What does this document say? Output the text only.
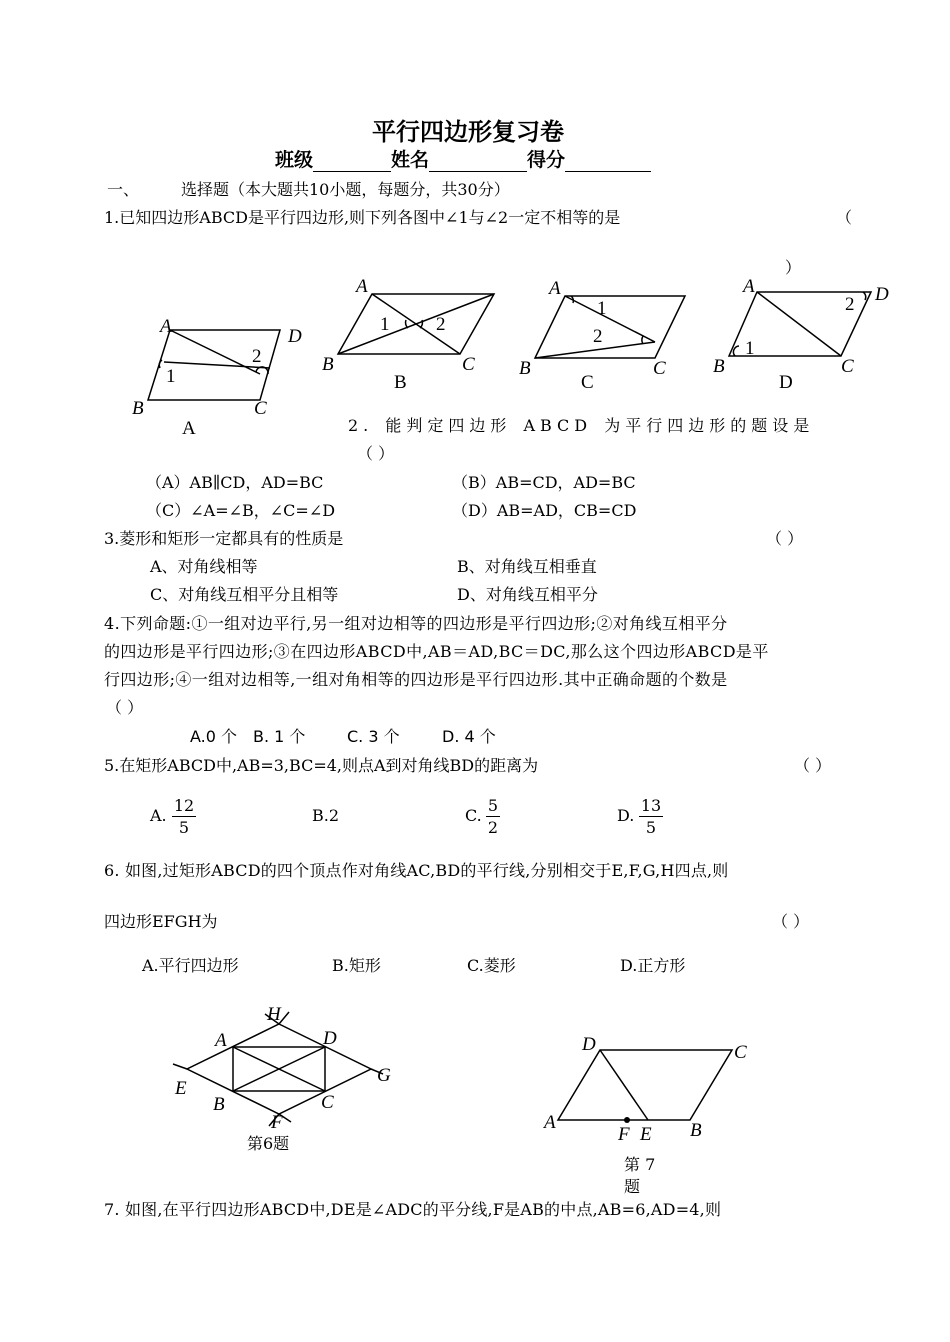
平行四边形复习卷
班级	姓名	得分
一、	选择题（本大题共10小题，每题分，共30分）
1.已知四边形ABCD是平行四边形,则下列各图中∠1与∠2一定不相等的是	（
）
A	D
B	C
1
2
A
A
B	C
1 2
B
A
B	C
1
2
C
A	D
B	C
1
2
D
2. 能判定四边形 ABCD 为平行四边形的题设是
（ ）
（A）AB∥CD，AD=BC	（B）AB=CD，AD=BC
（C）∠A=∠B，∠C=∠D	（D）AB=AD，CB=CD
3.菱形和矩形一定都具有的性质是	（ ）
A、对角线相等	B、对角线互相垂直
C、对角线互相平分且相等	D、对角线互相平分
4.下列命题:①一组对边平行,另一组对边相等的四边形是平行四边形;②对角线互相平分
的四边形是平行四边形;③在四边形ABCD中,AB＝AD,BC＝DC,那么这个四边形ABCD是平
行四边形;④一组对边相等,一组对角相等的四边形是平行四边形.其中正确命题的个数是
（ ）
A.0 个 B. 1 个	C. 3 个	D. 4 个
5.在矩形ABCD中,AB=3,BC=4,则点A到对角线BD的距离为	（ ）
A.
12
5
B.2	C.
5
2
D.
13
5
6. 如图,过矩形ABCD的四个顶点作对角线AC,BD的平行线,分别相交于E,F,G,H四点,则
四边形EFGH为	（ ）
A.平行四边形	B.矩形	C.菱形	D.正方形
H
A	D
E
G
B	C
F
第6题
D	C
A
F E B
第 7
题
7. 如图,在平行四边形ABCD中,DE是∠ADC的平分线,F是AB的中点,AB=6,AD=4,则
